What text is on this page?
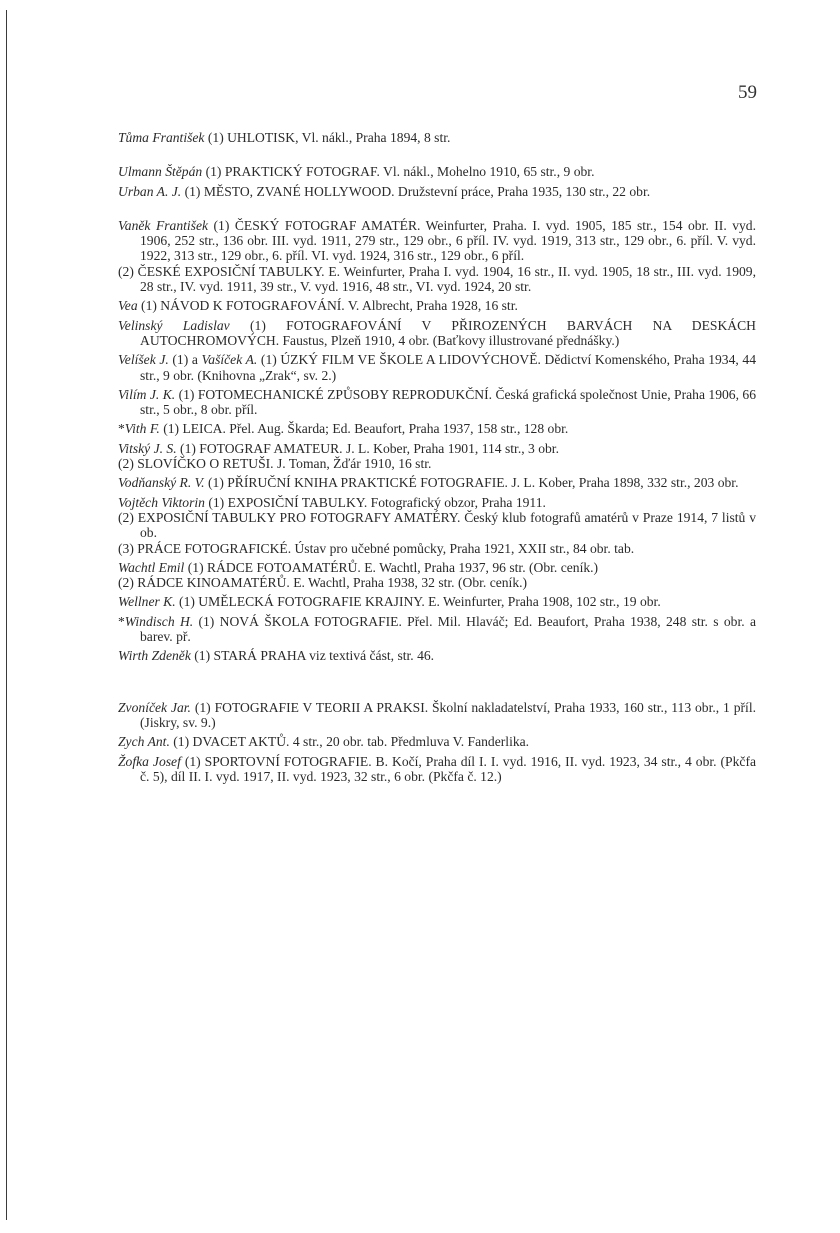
59

Tůma František (1) UHLOTISK, Vl. nákl., Praha 1894, 8 str.

Ulmann Štěpán (1) PRAKTICKÝ FOTOGRAF. Vl. nákl., Mohelno 1910, 65 str., 9 obr.

Urban A. J. (1) MĚSTO, ZVANÉ HOLLYWOOD. Družstevní práce, Praha 1935, 130 str., 22 obr.

Vaněk František (1) ČESKÝ FOTOGRAF AMATÉR. Weinfurter, Praha. I. vyd. 1905, 185 str., 154 obr. II. vyd. 1906, 252 str., 136 obr. III. vyd. 1911, 279 str., 129 obr., 6 příl. IV. vyd. 1919, 313 str., 129 obr., 6. příl. V. vyd. 1922, 313 str., 129 obr., 6. příl. VI. vyd. 1924, 316 str., 129 obr., 6 příl.
(2) ČESKÉ EXPOSIČNÍ TABULKY. E. Weinfurter, Praha I. vyd. 1904, 16 str., II. vyd. 1905, 18 str., III. vyd. 1909, 28 str., IV. vyd. 1911, 39 str., V. vyd. 1916, 48 str., VI. vyd. 1924, 20 str.

Vea (1) NÁVOD K FOTOGRAFOVÁNÍ. V. Albrecht, Praha 1928, 16 str.

Velinský Ladislav (1) FOTOGRAFOVÁNÍ V PŘIROZENÝCH BARVÁCH NA DESKÁCH AUTOCHROMOVÝCH. Faustus, Plzeň 1910, 4 obr. (Baťkovy illustrované přednášky.)

Velíšek J. (1) a Vašíček A. (1) ÚZKÝ FILM VE ŠKOLE A LIDOVÝCHOVĚ. Dědictví Komenského, Praha 1934, 44 str., 9 obr. (Knihovna „Zrak“, sv. 2.)

Vilím J. K. (1) FOTOMECHANICKÉ ZPŮSOBY REPRODUKČNÍ. Česká grafická společnost Unie, Praha 1906, 66 str., 5 obr., 8 obr. příl.

*Vith F. (1) LEICA. Přel. Aug. Škarda; Ed. Beaufort, Praha 1937, 158 str., 128 obr.

Vitský J. S. (1) FOTOGRAF AMATEUR. J. L. Kober, Praha 1901, 114 str., 3 obr.
(2) SLOVÍČKO O RETUŠI. J. Toman, Žďár 1910, 16 str.

Vodňanský R. V. (1) PŘÍRUČNÍ KNIHA PRAKTICKÉ FOTOGRAFIE. J. L. Kober, Praha 1898, 332 str., 203 obr.

Vojtěch Viktorin (1) EXPOSIČNÍ TABULKY. Fotografický obzor, Praha 1911.
(2) EXPOSIČNÍ TABULKY PRO FOTOGRAFY AMATÉRY. Český klub fotografů amatérů v Praze 1914, 7 listů v ob.
(3) PRÁCE FOTOGRAFICKÉ. Ústav pro učebné pomůcky, Praha 1921, XXII str., 84 obr. tab.

Wachtl Emil (1) RÁDCE FOTOAMATÉRŮ. E. Wachtl, Praha 1937, 96 str. (Obr. ceník.)
(2) RÁDCE KINOAMATÉRŮ. E. Wachtl, Praha 1938, 32 str. (Obr. ceník.)

Wellner K. (1) UMĚLECKÁ FOTOGRAFIE KRAJINY. E. Weinfurter, Praha 1908, 102 str., 19 obr.

*Windisch H. (1) NOVÁ ŠKOLA FOTOGRAFIE. Přel. Mil. Hlaváč; Ed. Beaufort, Praha 1938, 248 str. s obr. a barev. př.

Wirth Zdeněk (1) STARÁ PRAHA viz textivá část, str. 46.

Zvoníček Jar. (1) FOTOGRAFIE V TEORII A PRAKSI. Školní nakladatelství, Praha 1933, 160 str., 113 obr., 1 příl. (Jiskry, sv. 9.)

Zych Ant. (1) DVACET AKTŮ. 4 str., 20 obr. tab. Předmluva V. Fanderlika.

Žofka Josef (1) SPORTOVNÍ FOTOGRAFIE. B. Kočí, Praha díl I. I. vyd. 1916, II. vyd. 1923, 34 str., 4 obr. (Pkčfa č. 5), díl II. I. vyd. 1917, II. vyd. 1923, 32 str., 6 obr. (Pkčfa č. 12.)
